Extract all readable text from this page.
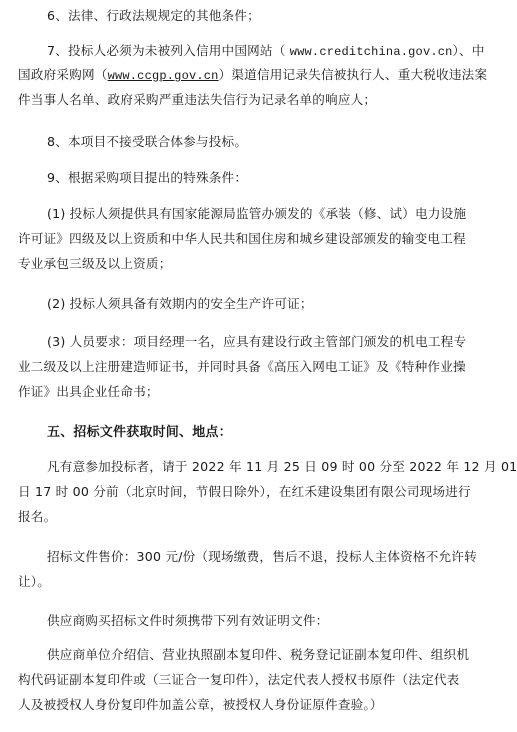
6、法律、行政法规规定的其他条件；
7、投标人必须为未被列入信用中国网站（ www.creditchina.gov.cn）、中
国政府采购网（www.ccgp.gov.cn）渠道信用记录失信被执行人、重大税收违法案
件当事人名单、政府采购严重违法失信行为记录名单的响应人；
8、本项目不接受联合体参与投标。
9、根据采购项目提出的特殊条件：
(1) 投标人须提供具有国家能源局监管办颁发的《承装（修、试）电力设施
许可证》四级及以上资质和中华人民共和国住房和城乡建设部颁发的输变电工程
专业承包三级及以上资质；
(2) 投标人须具备有效期内的安全生产许可证；
(3) 人员要求：项目经理一名，应具有建设行政主管部门颁发的机电工程专
业二级及以上注册建造师证书，并同时具备《高压入网电工证》及《特种作业操
作证》出具企业任命书；
五、招标文件获取时间、地点：
凡有意参加投标者，请于 2022 年 11 月 25 日 09 时 00 分至 2022 年 12 月 01
日 17 时 00 分前（北京时间，节假日除外），在红禾建设集团有限公司现场进行
报名。
招标文件售价：300 元/份（现场缴费，售后不退，投标人主体资格不允许转
让）。
供应商购买招标文件时须携带下列有效证明文件：
供应商单位介绍信、营业执照副本复印件、税务登记证副本复印件、组织机
构代码证副本复印件或（三证合一复印件），法定代表人授权书原件（法定代表
人及被授权人身份复印件加盖公章，被授权人身份证原件查验。）
